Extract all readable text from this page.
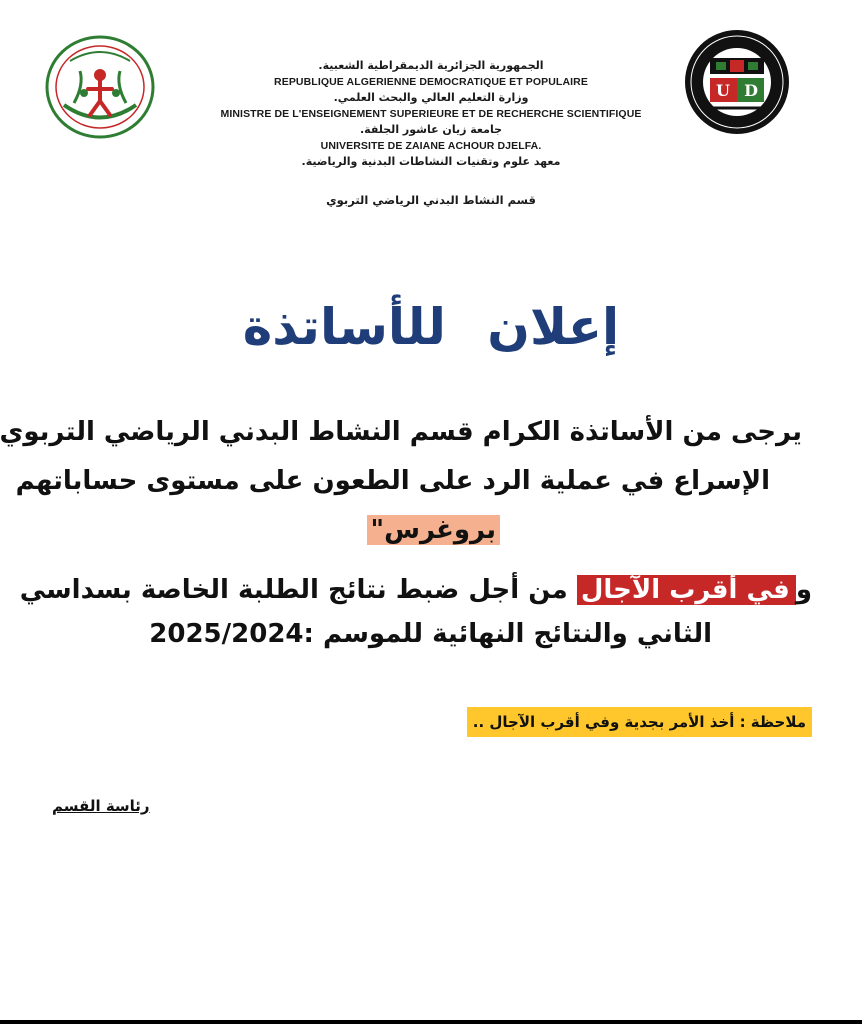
U D

الجمهورية الجزائرية الديمقراطية الشعبية.

REPUBLIQUE ALGERIENNE DEMOCRATIQUE ET POPULAIRE

وزارة التعليم العالي والبحث العلمي.

MINISTRE DE L'ENSEIGNEMENT SUPERIEURE ET DE RECHERCHE SCIENTIFIQUE

جامعة زيان عاشور الجلفة.

UNIVERSITE DE ZAIANE ACHOUR DJELFA.

معهد علوم وتقنيات النشاطات البدنية والرياضية.

قسم النشاط البدني الرياضي التربوي

إعلان للأساتذة

يرجى من الأساتذة الكرام قسم النشاط البدني الرياضي التربوي

الإسراع في عملية الرد على الطعون على مستوى حساباتهم

بروغرس"

وفي أقرب الآجال من أجل ضبط نتائج الطلبة الخاصة بسداسي

الثاني والنتائج النهائية للموسم :2025/2024

ملاحظة : أخذ الأمر بجدية وفي أقرب الآجال ..
رئاسة القسم
